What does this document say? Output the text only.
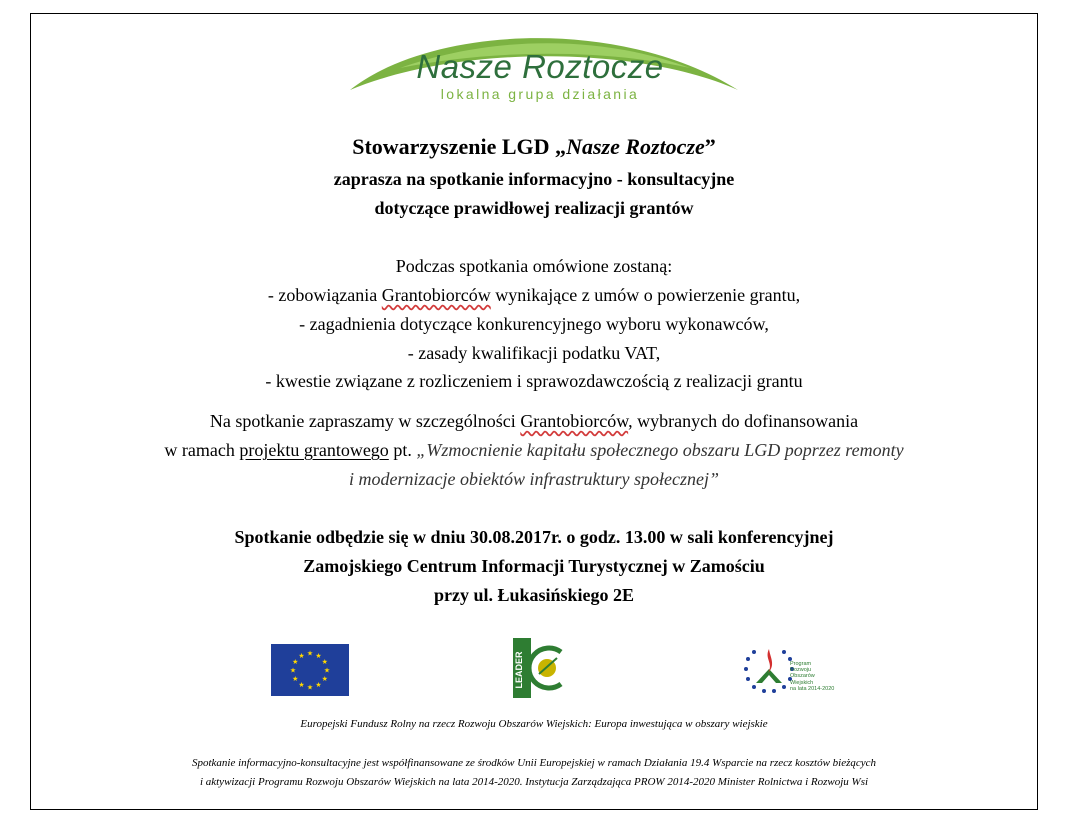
Nasze Roztocze
lokalna grupa działania
Stowarzyszenie LGD „Nasze Roztocze”
zaprasza na spotkanie informacyjno - konsultacyjne
dotyczące prawidłowej realizacji grantów
Podczas spotkania omówione zostaną:
- zobowiązania Grantobiorców wynikające z umów o powierzenie grantu,
- zagadnienia dotyczące konkurencyjnego wyboru wykonawców,
- zasady kwalifikacji podatku VAT,
- kwestie związane z rozliczeniem i sprawozdawczością z realizacji grantu
Na spotkanie zapraszamy w szczególności Grantobiorców, wybranych do dofinansowania
w ramach projektu grantowego pt. „Wzmocnienie kapitału społecznego obszaru LGD poprzez remonty
i modernizacje obiektów infrastruktury społecznej”
Spotkanie odbędzie się w dniu 30.08.2017r. o godz. 13.00 w sali konferencyjnej
Zamojskiego Centrum Informacji Turystycznej w Zamościu
przy ul. Łukasińskiego 2E
★ ★
★
★
★
★
★
★
★
★
★
★	LEADER	Program
Rozwoju
Obszarów
Wiejskich
na lata 2014-2020
Europejski Fundusz Rolny na rzecz Rozwoju Obszarów Wiejskich: Europa inwestująca w obszary wiejskie
Spotkanie informacyjno-konsultacyjne jest współfinansowane ze środków Unii Europejskiej w ramach Działania 19.4 Wsparcie na rzecz kosztów bieżących
i aktywizacji Programu Rozwoju Obszarów Wiejskich na lata 2014-2020. Instytucja Zarządzająca PROW 2014-2020 Minister Rolnictwa i Rozwoju Wsi
